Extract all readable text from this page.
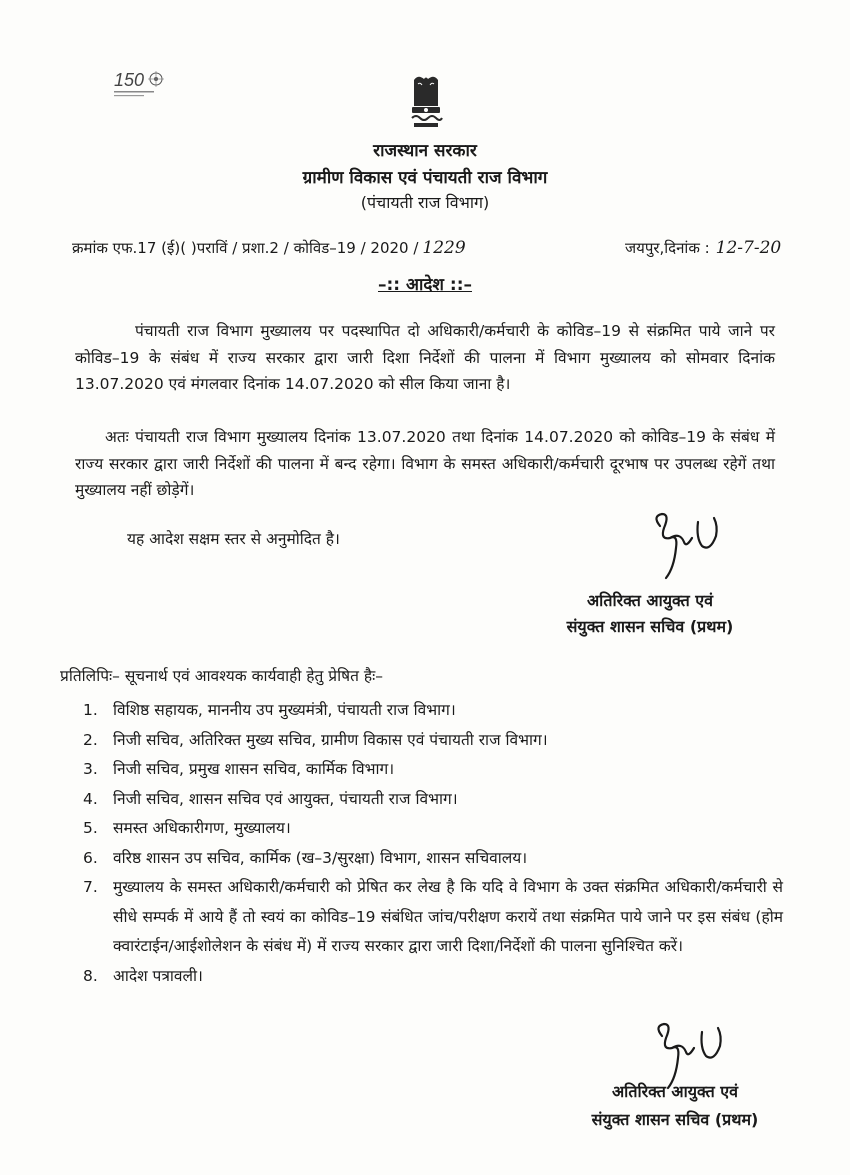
150
राजस्थान सरकार
ग्रामीण विकास एवं पंचायती राज विभाग
(पंचायती राज विभाग)
क्रमांक एफ.17 (ई)( )पराविं / प्रशा.2 / कोविड–19 / 2020 / 1229	जयपुर,दिनांक : 12-7-20
–:: आदेश ::–
पंचायती राज विभाग मुख्यालय पर पदस्थापित दो अधिकारी/कर्मचारी के कोविड–19 से संक्रमित पाये जाने पर कोविड–19 के संबंध में राज्य सरकार द्वारा जारी दिशा निर्देशों की पालना में विभाग मुख्यालय को सोमवार दिनांक 13.07.2020 एवं मंगलवार दिनांक 14.07.2020 को सील किया जाना है।
अतः पंचायती राज विभाग मुख्यालय दिनांक 13.07.2020 तथा दिनांक 14.07.2020 को कोविड–19 के संबंध में राज्य सरकार द्वारा जारी निर्देशों की पालना में बन्द रहेगा। विभाग के समस्त अधिकारी/कर्मचारी दूरभाष पर उपलब्ध रहेगें तथा मुख्यालय नहीं छोड़ेगें।
यह आदेश सक्षम स्तर से अनुमोदित है।
अतिरिक्त आयुक्त एवं
संयुक्त शासन सचिव (प्रथम)
प्रतिलिपिः– सूचनार्थ एवं आवश्यक कार्यवाही हेतु प्रेषित हैः–
1. विशिष्ठ सहायक, माननीय उप मुख्यमंत्री, पंचायती राज विभाग।
2. निजी सचिव, अतिरिक्त मुख्य सचिव, ग्रामीण विकास एवं पंचायती राज विभाग।
3. निजी सचिव, प्रमुख शासन सचिव, कार्मिक विभाग।
4. निजी सचिव, शासन सचिव एवं आयुक्त, पंचायती राज विभाग।
5. समस्त अधिकारीगण, मुख्यालय।
6. वरिष्ठ शासन उप सचिव, कार्मिक (ख–3/सुरक्षा) विभाग, शासन सचिवालय।
7. मुख्यालय के समस्त अधिकारी/कर्मचारी को प्रेषित कर लेख है कि यदि वे विभाग के उक्त संक्रमित अधिकारी/कर्मचारी से सीधे सम्पर्क में आये हैं तो स्वयं का कोविड–19 संबंधित जांच/परीक्षण करायें तथा संक्रमित पाये जाने पर इस संबंध (होम क्वारंटाईन/आईशोलेशन के संबंध में) में राज्य सरकार द्वारा जारी दिशा/निर्देशों की पालना सुनिश्चित करें।
8. आदेश पत्रावली।
अतिरिक्त आयुक्त एवं
संयुक्त शासन सचिव (प्रथम)
